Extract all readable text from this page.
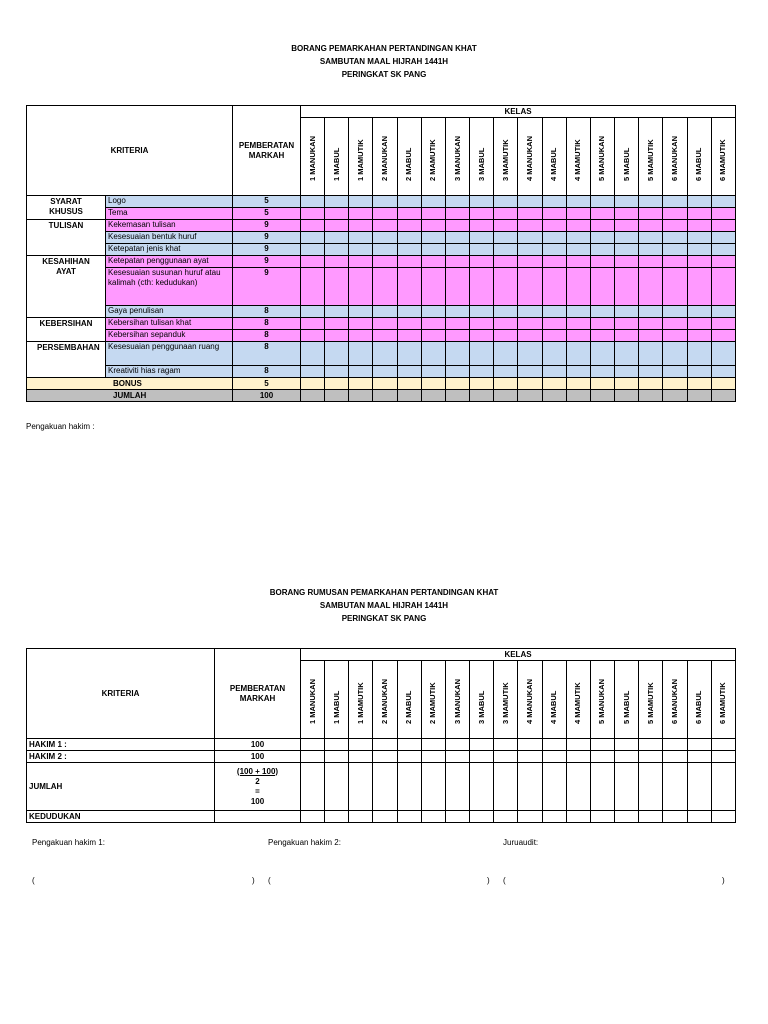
BORANG PEMARKAHAN PERTANDINGAN KHAT
SAMBUTAN MAAL HIJRAH 1441H
PERINGKAT SK PANG
KRITERIA		PEMBERATAN MARKAH	KELAS																	

			1 MANUKAN	1 MABUL	1 MAMUTIK	2 MANUKAN	2 MABUL	2 MAMUTIK	3 MANUKAN	3 MABUL	3 MAMUTIK	4 MANUKAN	4 MABUL	4 MAMUTIK	5 MANUKAN	5 MABUL	5 MAMUTIK	6 MANUKAN	6 MABUL	6 MAMUTIK

SYARAT KHUSUS	Logo	5																		
	Tema	5																		
TULISAN	Kekemasan tulisan	9																		
	Kesesuaian bentuk huruf	9																		
	Ketepatan jenis khat	9																		
KESAHIHAN AYAT	Ketepatan penggunaan ayat	9																		
	Kesesuaian susunan huruf atau kalimah (cth: kedudukan)	9																		
	Gaya penulisan	8																		
KEBERSIHAN	Kebersihan tulisan khat	8																		
	Kebersihan sepanduk	8																		
PERSEMBAHAN	Kesesuaian penggunaan ruang	8																		
	Kreativiti hias ragam	8																		
BONUS		5																		
JUMLAH		100																		
Pengakuan hakim :
BORANG RUMUSAN PEMARKAHAN PERTANDINGAN KHAT
SAMBUTAN MAAL HIJRAH 1441H
PERINGKAT SK PANG
KRITERIA	PEMBERATAN MARKAH	KELAS																	

		1 MANUKAN	1 MABUL	1 MAMUTIK	2 MANUKAN	2 MABUL	2 MAMUTIK	3 MANUKAN	3 MABUL	3 MAMUTIK	4 MANUKAN	4 MABUL	4 MAMUTIK	5 MANUKAN	5 MABUL	5 MAMUTIK	6 MANUKAN	6 MABUL	6 MAMUTIK

HAKIM 1 :	100																		
HAKIM 2 :	100																		
JUMLAH	(100 + 100)
2
=
100																		

KEDUDUKAN																			
Pengakuan hakim 1:	Pengakuan hakim 2:	Juruaudit:
(	) (	) (	)
